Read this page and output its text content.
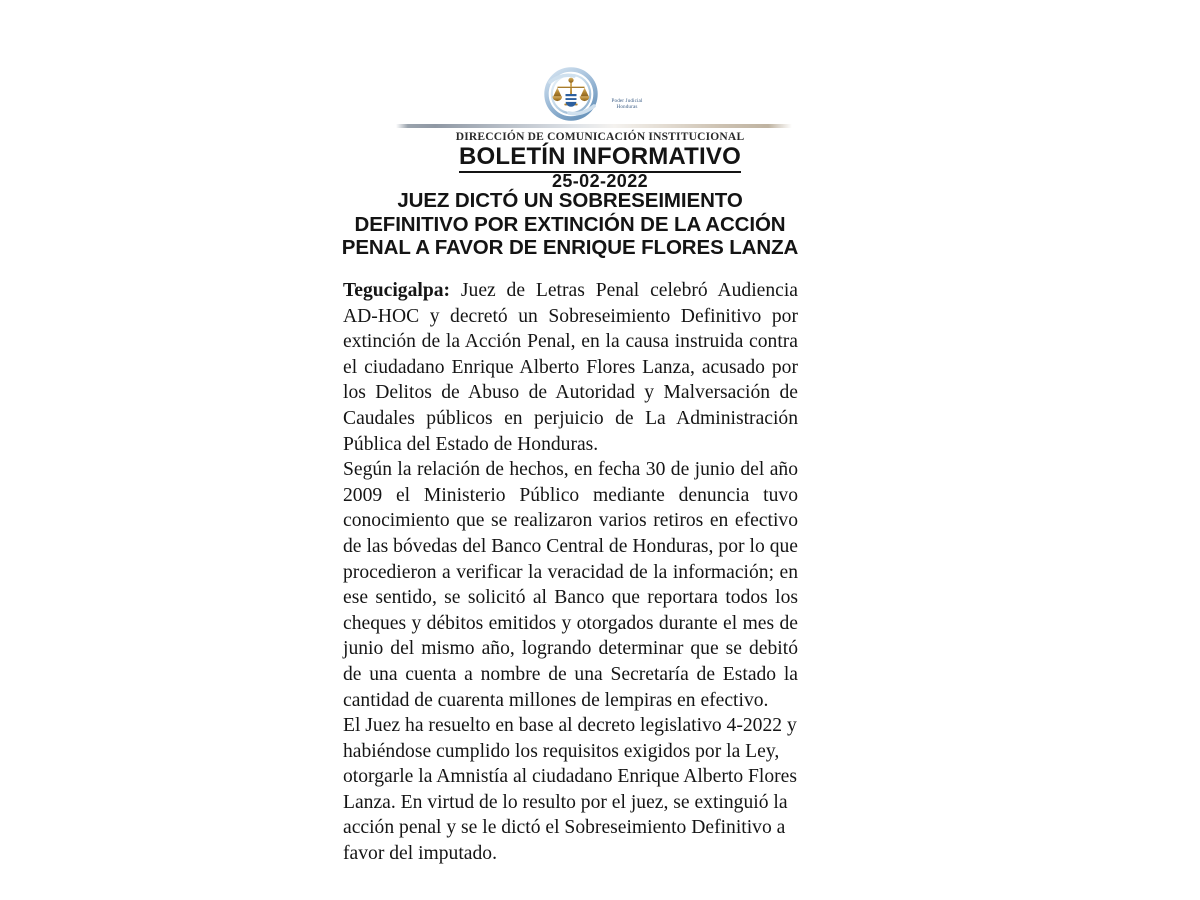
Poder Judicial
Honduras
DIRECCIÓN DE COMUNICACIÓN INSTITUCIONAL
BOLETÍN INFORMATIVO
25-02-2022
JUEZ DICTÓ UN SOBRESEIMIENTO DEFINITIVO POR EXTINCIÓN DE LA ACCIÓN PENAL A FAVOR DE ENRIQUE FLORES LANZA

Tegucigalpa: Juez de Letras Penal celebró Audiencia AD-HOC y decretó un Sobreseimiento Definitivo por extinción de la Acción Penal, en la causa instruida contra el ciudadano Enrique Alberto Flores Lanza, acusado por los Delitos de Abuso de Autoridad y Malversación de Caudales públicos en perjuicio de La Administración Pública del Estado de Honduras.

Según la relación de hechos, en fecha 30 de junio del año 2009 el Ministerio Público mediante denuncia tuvo conocimiento que se realizaron varios retiros en efectivo de las bóvedas del Banco Central de Honduras, por lo que procedieron a verificar la veracidad de la información; en ese sentido, se solicitó al Banco que reportara todos los cheques y débitos emitidos y otorgados durante el mes de junio del mismo año, logrando determinar que se debitó de una cuenta a nombre de una Secretaría de Estado la cantidad de cuarenta millones de lempiras en efectivo.

El Juez ha resuelto en base al decreto legislativo 4-2022 y habiéndose cumplido los requisitos exigidos por la Ley, otorgarle la Amnistía al ciudadano Enrique Alberto Flores Lanza. En virtud de lo resulto por el juez, se extinguió la acción penal y se le dictó el Sobreseimiento Definitivo a favor del imputado.
